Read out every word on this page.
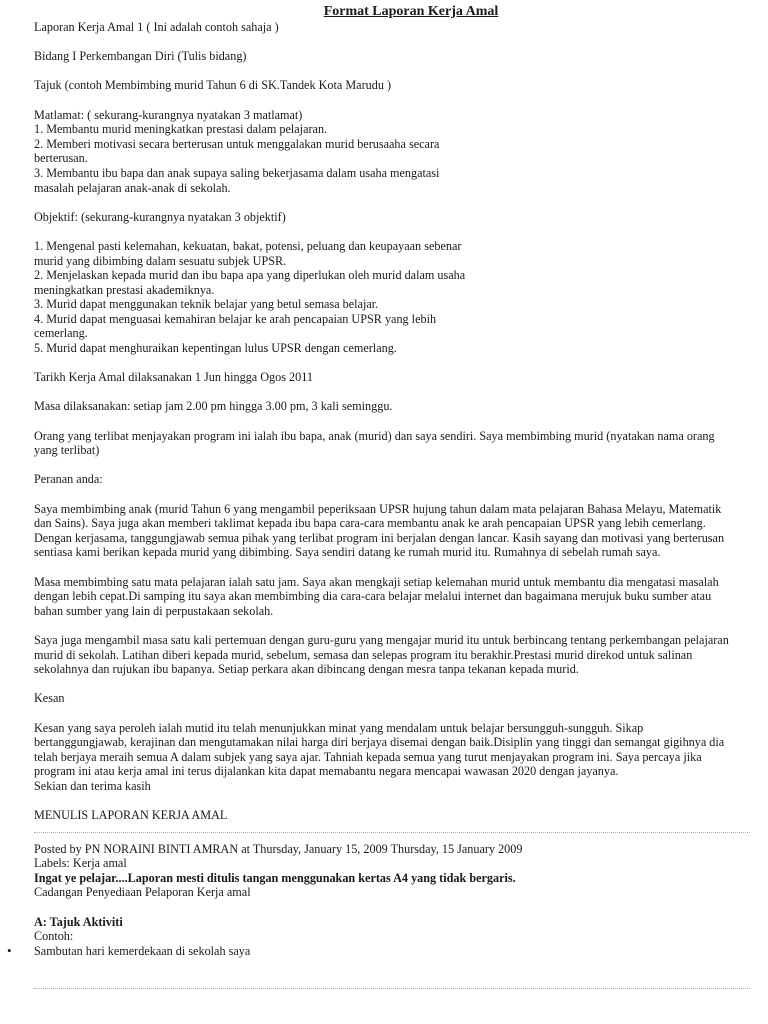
Format Laporan Kerja Amal

Laporan Kerja Amal 1 ( Ini adalah contoh sahaja )

Bidang I Perkembangan Diri (Tulis bidang)

Tajuk (contoh Membimbing murid Tahun 6 di SK.Tandek Kota Marudu )

Matlamat: ( sekurang-kurangnya nyatakan 3 matlamat)

1. Membantu murid meningkatkan prestasi dalam pelajaran.

2. Memberi motivasi secara berterusan untuk menggalakan murid berusaaha secara

berterusan.

3. Membantu ibu bapa dan anak supaya saling bekerjasama dalam usaha mengatasi

masalah pelajaran anak-anak di sekolah.

Objektif: (sekurang-kurangnya nyatakan 3 objektif)

1. Mengenal pasti kelemahan, kekuatan, bakat, potensi, peluang dan keupayaan sebenar

murid yang dibimbing dalam sesuatu subjek UPSR.

2. Menjelaskan kepada murid dan ibu bapa apa yang diperlukan oleh murid dalam usaha

meningkatkan prestasi akademiknya.

3. Murid dapat menggunakan teknik belajar yang betul semasa belajar.

4. Murid dapat menguasai kemahiran belajar ke arah pencapaian UPSR yang lebih

cemerlang.

5. Murid dapat menghuraikan kepentingan lulus UPSR dengan cemerlang.

Tarikh Kerja Amal dilaksanakan 1 Jun hingga Ogos 2011

Masa dilaksanakan: setiap jam 2.00 pm hingga 3.00 pm, 3 kali seminggu.

Orang yang terlibat menjayakan program ini ialah ibu bapa, anak (murid) dan saya sendiri. Saya membimbing murid (nyatakan nama orang

yang terlibat)

Peranan anda:

Saya membimbing anak (murid Tahun 6 yang mengambil peperiksaan UPSR hujung tahun dalam mata pelajaran Bahasa Melayu, Matematik

dan Sains). Saya juga akan memberi taklimat kepada ibu bapa cara-cara membantu anak ke arah pencapaian UPSR yang lebih cemerlang.

Dengan kerjasama, tanggungjawab semua pihak yang terlibat program ini berjalan dengan lancar. Kasih sayang dan motivasi yang berterusan

sentiasa kami berikan kepada murid yang dibimbing. Saya sendiri datang ke rumah murid itu. Rumahnya di sebelah rumah saya.

Masa membimbing satu mata pelajaran ialah satu jam. Saya akan mengkaji setiap kelemahan murid untuk membantu dia mengatasi masalah

dengan lebih cepat.Di samping itu saya akan membimbing dia cara-cara belajar melalui internet dan bagaimana merujuk buku sumber atau

bahan sumber yang lain di perpustakaan sekolah.

Saya juga mengambil masa satu kali pertemuan dengan guru-guru yang mengajar murid itu untuk berbincang tentang perkembangan pelajaran

murid di sekolah. Latihan diberi kepada murid, sebelum, semasa dan selepas program itu berakhir.Prestasi murid direkod untuk salinan

sekolahnya dan rujukan ibu bapanya. Setiap perkara akan dibincang dengan mesra tanpa tekanan kepada murid.

Kesan

Kesan yang saya peroleh ialah mutid itu telah menunjukkan minat yang mendalam untuk belajar bersungguh-sungguh. Sikap

bertanggungjawab, kerajinan dan mengutamakan nilai harga diri berjaya disemai dengan baik.Disiplin yang tinggi dan semangat gigihnya dia

telah berjaya meraih semua A dalam subjek yang saya ajar. Tahniah kepada semua yang turut menjayakan program ini. Saya percaya jika

program ini atau kerja amal ini terus dijalankan kita dapat memabantu negara mencapai wawasan 2020 dengan jayanya.

Sekian dan terima kasih

MENULIS LAPORAN KERJA AMAL

Posted by PN NORAINI BINTI AMRAN at Thursday, January 15, 2009 Thursday, 15 January 2009

Labels: Kerja amal

Ingat ye pelajar....Laporan mesti ditulis tangan menggunakan kertas A4 yang tidak bergaris.

Cadangan Penyediaan Pelaporan Kerja amal

A: Tajuk Aktiviti

Contoh:

• Sambutan hari kemerdekaan di sekolah saya
